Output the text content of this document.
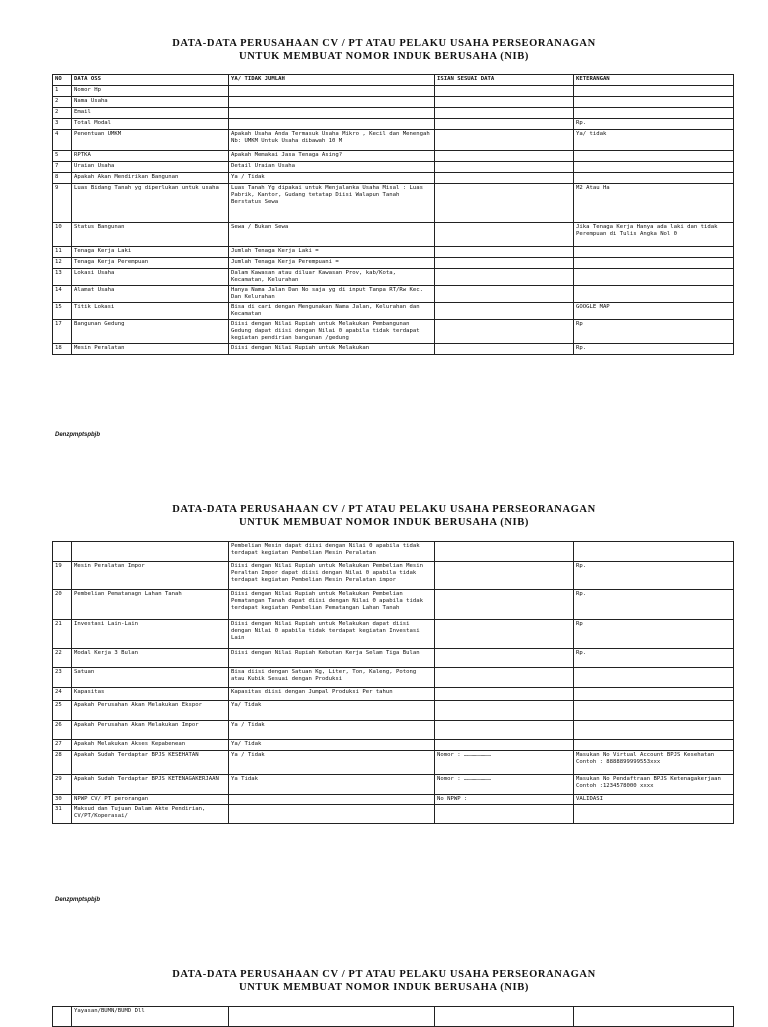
DATA-DATA PERUSAHAAN CV / PT ATAU PELAKU USAHA PERSEORANAGAN
UNTUK MEMBUAT NOMOR INDUK BERUSAHA (NIB)
NO	DATA OSS	YA/ TIDAK JUMLAH	ISIAN SESUAI DATA	KETERANGAN
1	Nomor Hp			
2	Nama Usaha			
2	Email			
3	Total Modal			Rp.
4	Penentuan UMKM	Apakah Usaha Anda Termasuk Usaha Mikro , Kecil dan Menengah Nb: UMKM Untuk Usaha dibawah 10 M		Ya/ tidak
5	RPTKA	Apakah Memakai Jasa Tenaga Asing?		
7	Uraian Usaha	Detail Uraian Usaha		
8	Apakah Akan Mendirikan Bangunan	Ya / Tidak		
9	Luas Bidang Tanah yg diperlukan untuk usaha	Luas Tanah Yg dipakai untuk Menjalanka Usaha Misal : Luas Pabrik, Kantor, Gudang tetatap Diisi Walapun Tanah Berstatus Sewa		M2 Atau Ha
10	Status Bangunan	Sewa / Bukan Sewa		Jika Tenaga Kerja Hanya ada laki dan tidak Perempuan di Tulis Angka Nol 0
11	Tenaga Kerja Laki	Jumlah Tenaga Kerja Laki =		
12	Tenaga Kerja Perempuan	Jumlah Tenaga Kerja Perempuani =		
13	Lokasi Usaha	Dalam Kawasan atau diluar Kawasan Prov, kab/Kota, Kecamatan, Kelurahan		
14	Alamat Usaha	Hanya Nama Jalan Dan No saja yg di input Tanpa RT/Rw Kec. Dan Kelurahan		
15	Titik Lokasi	Bisa di cari dengan Mengunakan Nama Jalan, Kelurahan dan Kecamatan		GOOGLE MAP
17	Bangunan Gedung	Diisi dengan Nilai Rupiah untuk Melakukan Pembangunan Gedung dapat diisi dengan Nilai 0 apabila tidak terdapat kegiatan pendirian bangunan /gedung		Rp
18	Mesin Peralatan	Diisi dengan Nilai Rupiah untuk Melakukan		Rp.
Denzpmptspbjb
DATA-DATA PERUSAHAAN CV / PT ATAU PELAKU USAHA PERSEORANAGAN
UNTUK MEMBUAT NOMOR INDUK BERUSAHA (NIB)
		Pembelian Mesin dapat diisi dengan Nilai 0 apabila tidak terdapat kegiatan Pembelian Mesin Peralatan		
19	Mesin Peralatan Impor	Diisi dengan Nilai Rupiah untuk Melakukan Pembelian Mesin Peraltan Impor dapat diisi dengan Nilai 0 apabila tidak terdapat kegiatan Pembelian Mesin Peralatan impor		Rp.
20	Pembelian Pematanagn Lahan Tanah	Diisi dengan Nilai Rupiah untuk Melakukan Pembelian Pematangan Tanah dapat diisi dengan Nilai 0 apabila tidak terdapat kegiatan Pembelian Pematangan Lahan Tanah		Rp.
21	Investasi Lain-Lain	Diisi dengan Nilai Rupiah untuk Melakukan dapat diisi dengan Nilai 0 apabila tidak terdapat kegiatan Investasi Lain		Rp
22	Modal Kerja 3 Bulan	Diisi dengan Nilai Rupiah Kebutan Kerja Selam Tiga Bulan		Rp.
23	Satuan	Bisa diisi dengan Satuan Kg, Liter, Ton, Kaleng, Potong atau Kubik Sesuai dengan Produksi		
24	Kapasitas	Kapasitas diisi dengan Jumpal Produksi Per tahun		
25	Apakah Perusahan Akan Melakukan Ekspor	Ya/ Tidak		
26	Apakah Perusahan Akan Melakukan Impor	Ya / Tidak		
27	Apakah Melakukan Akses Kepabenean	Ya/ Tidak		
28	Apakah Sudah Terdaptar BPJS KESEHATAN	Ya / Tidak	Nomor : ……………………	Masukan No Virtual Account BPJS Kesehatan Contoh : 8888899999553xxx
29	Apakah Sudah Terdaptar BPJS KETENAGAKERJAAN	Ya Tidak	Nomor : ……………………	Masukan No Pendaftraan BPJS Ketenagakerjaan Contoh :1234578000 xxxx
30	NPWP CV/ PT perorangan		No NPWP :	VALIDASI
31	Maksud dan Tujuan Dalam Akte Pendirian, CV/PT/Koperasai/			
Denzpmptspbjb
DATA-DATA PERUSAHAAN CV / PT ATAU PELAKU USAHA PERSEORANAGAN
UNTUK MEMBUAT NOMOR INDUK BERUSAHA (NIB)
	Yayasan/BUMN/BUMD Dll			
